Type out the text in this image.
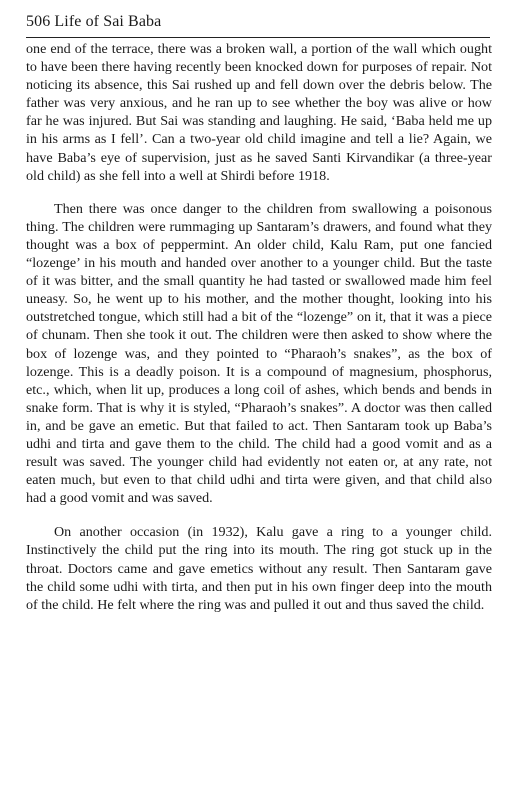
506 Life of Sai Baba

one end of the terrace, there was a broken wall, a portion of the wall which ought to have been there having recently been knocked down for purposes of repair. Not noticing its absence, this Sai rushed up and fell down over the debris below. The father was very anxious, and he ran up to see whether the boy was alive or how far he was injured. But Sai was standing and laughing. He said, ‘Baba held me up in his arms as I fell’. Can a two-year old child imagine and tell a lie? Again, we have Baba’s eye of supervision, just as he saved Santi Kirvandikar (a three-year old child) as she fell into a well at Shirdi before 1918.

Then there was once danger to the children from swallowing a poisonous thing. The children were rummaging up Santaram’s drawers, and found what they thought was a box of peppermint. An older child, Kalu Ram, put one fancied “lozenge’ in his mouth and handed over another to a younger child. But the taste of it was bitter, and the small quantity he had tasted or swallowed made him feel uneasy. So, he went up to his mother, and the mother thought, looking into his outstretched tongue, which still had a bit of the “lozenge” on it, that it was a piece of chunam. Then she took it out. The children were then asked to show where the box of lozenge was, and they pointed to “Pharaoh’s snakes”, as the box of lozenge. This is a deadly poison. It is a compound of magnesium, phosphorus, etc., which, when lit up, produces a long coil of ashes, which bends and bends in snake form. That is why it is styled, “Pharaoh’s snakes”. A doctor was then called in, and be gave an emetic. But that failed to act. Then Santaram took up Baba’s udhi and tirta and gave them to the child. The child had a good vomit and as a result was saved. The younger child had evidently not eaten or, at any rate, not eaten much, but even to that child udhi and tirta were given, and that child also had a good vomit and was saved.

On another occasion (in 1932), Kalu gave a ring to a younger child. Instinctively the child put the ring into its mouth. The ring got stuck up in the throat. Doctors came and gave emetics without any result. Then Santaram gave the child some udhi with tirta, and then put in his own finger deep into the mouth of the child. He felt where the ring was and pulled it out and thus saved the child.
